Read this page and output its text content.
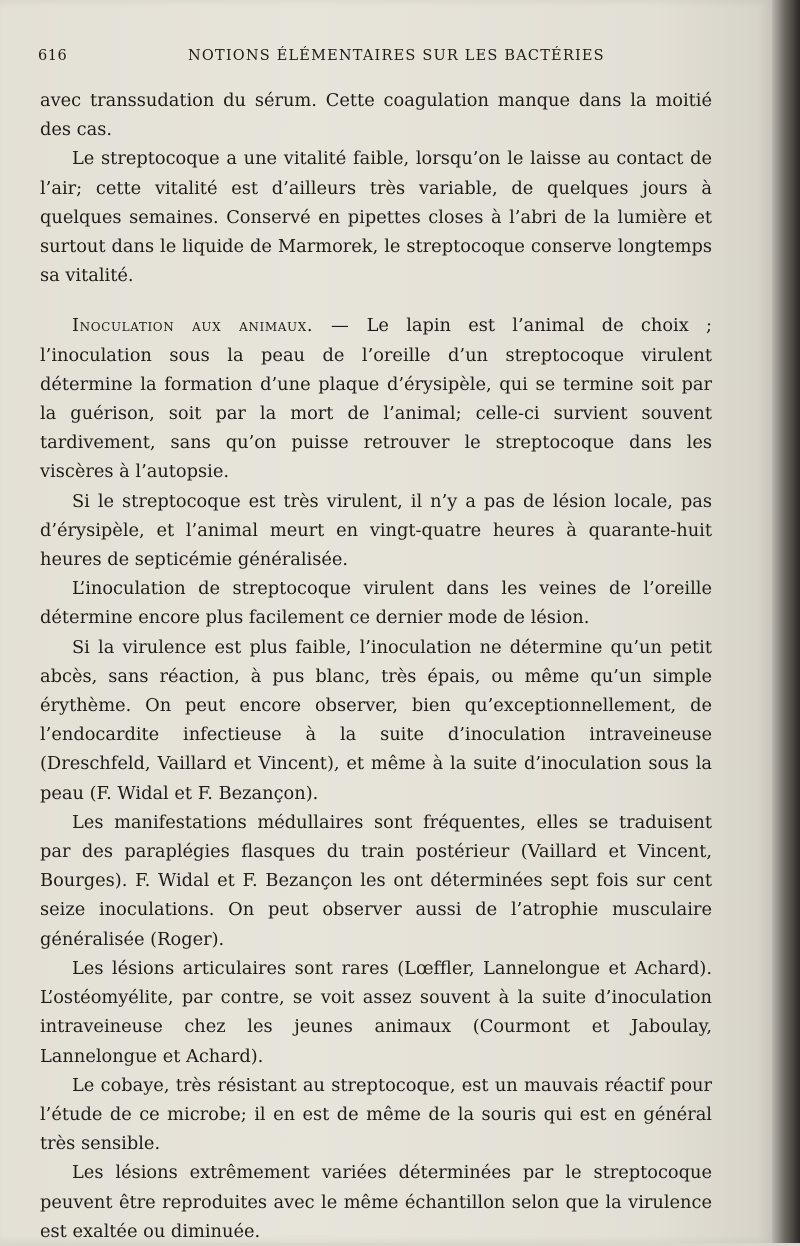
616	NOTIONS ÉLÉMENTAIRES SUR LES BACTÉRIES

avec transsudation du sérum. Cette coagulation manque dans la moitié des cas.

Le streptocoque a une vitalité faible, lorsqu’on le laisse au contact de l’air; cette vitalité est d’ailleurs très variable, de quelques jours à quelques semaines. Conservé en pipettes closes à l’abri de la lumière et surtout dans le liquide de Marmorek, le streptocoque conserve longtemps sa vitalité.

Inoculation aux animaux. — Le lapin est l’animal de choix ; l’inoculation sous la peau de l’oreille d’un streptocoque virulent détermine la formation d’une plaque d’érysipèle, qui se termine soit par la guérison, soit par la mort de l’animal; celle-ci survient souvent tardivement, sans qu’on puisse retrouver le streptocoque dans les viscères à l’autopsie.

Si le streptocoque est très virulent, il n’y a pas de lésion locale, pas d’érysipèle, et l’animal meurt en vingt-quatre heures à quarante-huit heures de septicémie généralisée.

L’inoculation de streptocoque virulent dans les veines de l’oreille détermine encore plus facilement ce dernier mode de lésion.

Si la virulence est plus faible, l’inoculation ne détermine qu’un petit abcès, sans réaction, à pus blanc, très épais, ou même qu’un simple érythème. On peut encore observer, bien qu’exceptionnellement, de l’endocardite infectieuse à la suite d’inoculation intraveineuse (Dreschfeld, Vaillard et Vincent), et même à la suite d’inoculation sous la peau (F. Widal et F. Bezançon).

Les manifestations médullaires sont fréquentes, elles se traduisent par des paraplégies flasques du train postérieur (Vaillard et Vincent, Bourges). F. Widal et F. Bezançon les ont déterminées sept fois sur cent seize inoculations. On peut observer aussi de l’atrophie musculaire généralisée (Roger).

Les lésions articulaires sont rares (Lœffler, Lannelongue et Achard). L’ostéomyélite, par contre, se voit assez souvent à la suite d’inoculation intraveineuse chez les jeunes animaux (Courmont et Jaboulay, Lannelongue et Achard).

Le cobaye, très résistant au streptocoque, est un mauvais réactif pour l’étude de ce microbe; il en est de même de la souris qui est en général très sensible.

Les lésions extrêmement variées déterminées par le streptocoque peuvent être reproduites avec le même échantillon selon que la virulence est exaltée ou diminuée.
